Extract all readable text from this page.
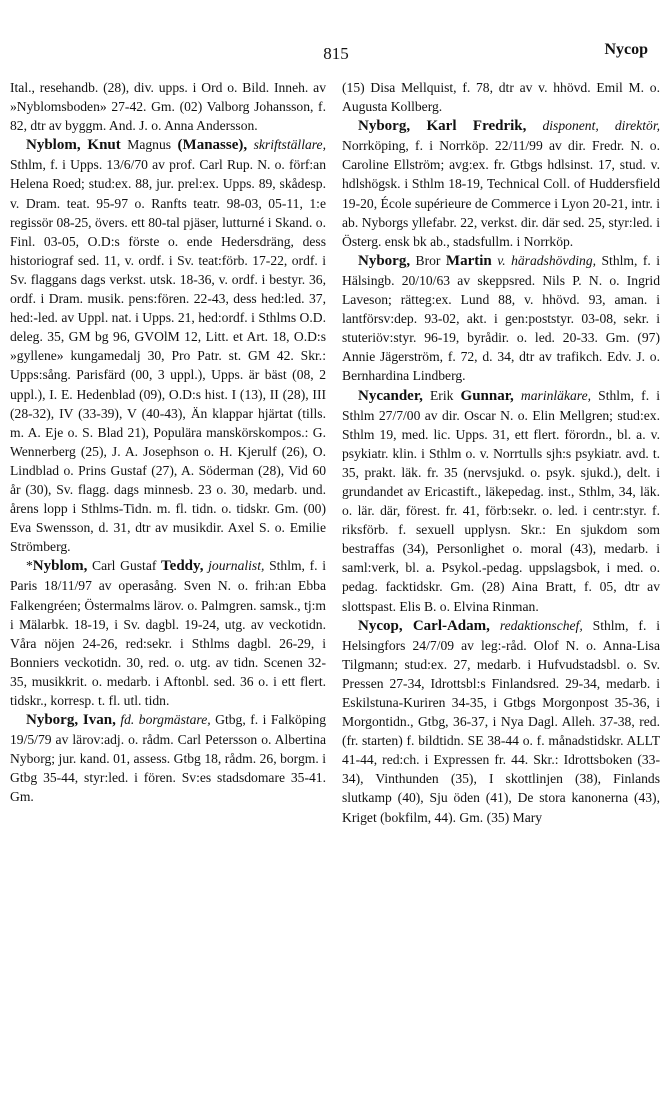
815	Nycop

Ital., resehandb. (28), div. upps. i Ord o. Bild. Inneh. av »Nyblomsboden» 27-42. Gm. (02) Valborg Johansson, f. 82, dtr av byggm. And. J. o. Anna Andersson.

Nyblom, Knut Magnus (Manasse), skriftställare, Sthlm, f. i Upps. 13/6/70 av prof. Carl Rup. N. o. förf:an Helena Roed; stud:ex. 88, jur. prel:ex. Upps. 89, skådesp. v. Dram. teat. 95-97 o. Ranfts teatr. 98-03, 05-11, 1:e regissör 08-25, övers. ett 80-tal pjäser, lutturné i Skand. o. Finl. 03-05, O.D:s förste o. ende Hedersdräng, dess historiograf sed. 11, v. ordf. i Sv. teat:förb. 17-22, ordf. i Sv. flaggans dags verkst. utsk. 18-36, v. ordf. i bestyr. 36, ordf. i Dram. musik. pens:fören. 22-43, dess hed:led. 37, hed:-led. av Uppl. nat. i Upps. 21, hed:ordf. i Sthlms O.D. deleg. 35, GM bg 96, GVOlM 12, Litt. et Art. 18, O.D:s »gyllene» kungamedalj 30, Pro Patr. st. GM 42. Skr.: Upps:sång. Parisfärd (00, 3 uppl.), Upps. är bäst (08, 2 uppl.), I. E. Hedenblad (09), O.D:s hist. I (13), II (28), III (28-32), IV (33-39), V (40-43), Än klappar hjärtat (tills. m. A. Eje o. S. Blad 21), Populära manskörskompos.: G. Wennerberg (25), J. A. Josephson o. H. Kjerulf (26), O. Lindblad o. Prins Gustaf (27), A. Söderman (28), Vid 60 år (30), Sv. flagg. dags minnesb. 23 o. 30, medarb. und. årens lopp i Sthlms-Tidn. m. fl. tidn. o. tidskr. Gm. (00) Eva Swensson, d. 31, dtr av musikdir. Axel S. o. Emilie Strömberg.

*Nyblom, Carl Gustaf Teddy, journalist, Sthlm, f. i Paris 18/11/97 av operasång. Sven N. o. frih:an Ebba Falkengréen; Östermalms lärov. o. Palmgren. samsk., tj:m i Mälarbk. 18-19, i Sv. dagbl. 19-24, utg. av veckotidn. Våra nöjen 24-26, red:sekr. i Sthlms dagbl. 26-29, i Bonniers veckotidn. 30, red. o. utg. av tidn. Scenen 32-35, musikkrit. o. medarb. i Aftonbl. sed. 36 o. i ett flert. tidskr., korresp. t. fl. utl. tidn.

Nyborg, Ivan, fd. borgmästare, Gtbg, f. i Falköping 19/5/79 av lärov:adj. o. rådm. Carl Petersson o. Albertina Nyborg; jur. kand. 01, assess. Gtbg 18, rådm. 26, borgm. i Gtbg 35-44, styr:led. i fören. Sv:es stadsdomare 35-41. Gm.

(15) Disa Mellquist, f. 78, dtr av v. hhövd. Emil M. o. Augusta Kollberg.

Nyborg, Karl Fredrik, disponent, direktör, Norrköping, f. i Norrköp. 22/11/99 av dir. Fredr. N. o. Caroline Ellström; avg:ex. fr. Gtbgs hdlsinst. 17, stud. v. hdlshögsk. i Sthlm 18-19, Technical Coll. of Huddersfield 19-20, École supérieure de Commerce i Lyon 20-21, intr. i ab. Nyborgs yllefabr. 22, verkst. dir. där sed. 25, styr:led. i Österg. ensk bk ab., stadsfullm. i Norrköp.

Nyborg, Bror Martin v. häradshövding, Sthlm, f. i Hälsingb. 20/10/63 av skeppsred. Nils P. N. o. Ingrid Laveson; rätteg:ex. Lund 88, v. hhövd. 93, aman. i lantförsv:dep. 93-02, akt. i gen:poststyr. 03-08, sekr. i stuteriöv:styr. 96-19, byrådir. o. led. 20-33. Gm. (97) Annie Jägerström, f. 72, d. 34, dtr av trafikch. Edv. J. o. Bernhardina Lindberg.

Nycander, Erik Gunnar, marinläkare, Sthlm, f. i Sthlm 27/7/00 av dir. Oscar N. o. Elin Mellgren; stud:ex. Sthlm 19, med. lic. Upps. 31, ett flert. förordn., bl. a. v. psykiatr. klin. i Sthlm o. v. Norrtulls sjh:s psykiatr. avd. t. 35, prakt. läk. fr. 35 (nervsjukd. o. psyk. sjukd.), delt. i grundandet av Ericastift., läkepedag. inst., Sthlm, 34, läk. o. lär. där, förest. fr. 41, förb:sekr. o. led. i centr:styr. f. riksförb. f. sexuell upplysn. Skr.: En sjukdom som bestraffas (34), Personlighet o. moral (43), medarb. i saml:verk, bl. a. Psykol.-pedag. uppslagsbok, i med. o. pedag. facktidskr. Gm. (28) Aina Bratt, f. 05, dtr av slottspast. Elis B. o. Elvina Rinman.

Nycop, Carl-Adam, redaktionschef, Sthlm, f. i Helsingfors 24/7/09 av leg:-råd. Olof N. o. Anna-Lisa Tilgmann; stud:ex. 27, medarb. i Hufvudstadsbl. o. Sv. Pressen 27-34, Idrottsbl:s Finlandsred. 29-34, medarb. i Eskilstuna-Kuriren 34-35, i Gtbgs Morgonpost 35-36, i Morgontidn., Gtbg, 36-37, i Nya Dagl. Alleh. 37-38, red. (fr. starten) f. bildtidn. SE 38-44 o. f. månadstidskr. ALLT 41-44, red:ch. i Expressen fr. 44. Skr.: Idrottsboken (33-34), Vinthunden (35), I skottlinjen (38), Finlands slutkamp (40), Sju öden (41), De stora kanonerna (43), Kriget (bokfilm, 44). Gm. (35) Mary
